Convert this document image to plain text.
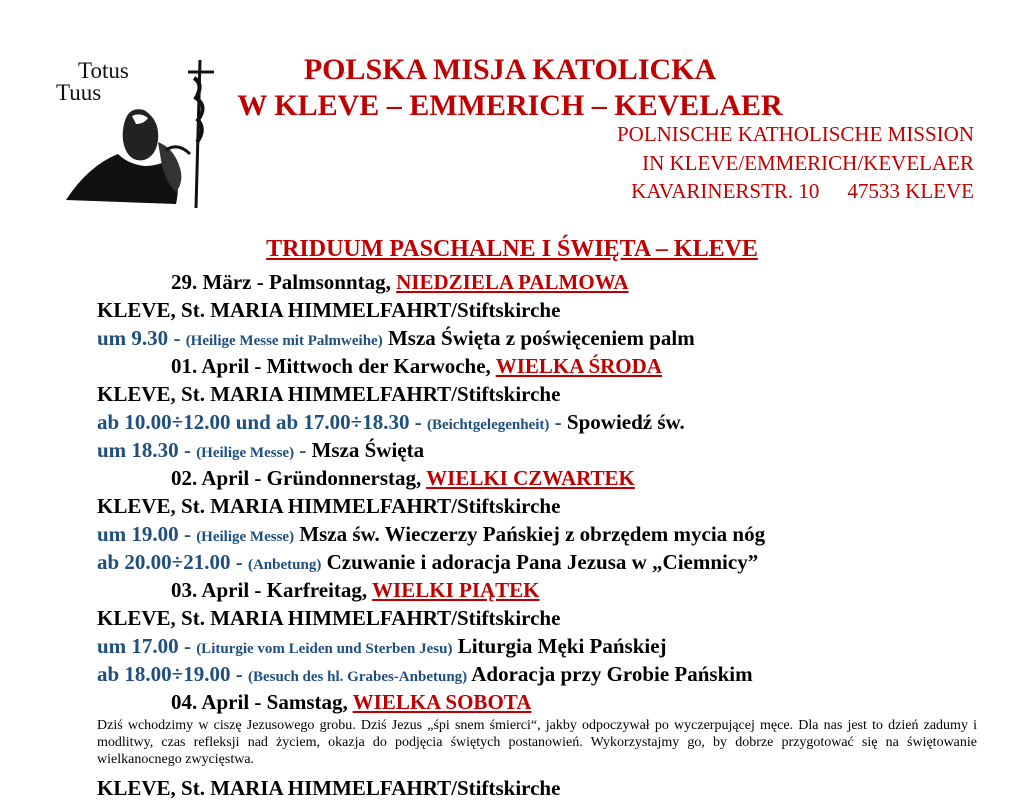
Totus
Tuus
POLSKA MISJA KATOLICKA
W KLEVE – EMMERICH – KEVELAER
POLNISCHE KATHOLISCHE MISSION
IN KLEVE/EMMERICH/KEVELAER
KAVARINERSTR. 10 47533 KLEVE
TRIDUUM PASCHALNE I ŚWIĘTA – KLEVE
29. März - Palmsonntag, NIEDZIELA PALMOWA
KLEVE, St. MARIA HIMMELFAHRT/Stiftskirche
um 9.30 - (Heilige Messe mit Palmweihe) Msza Święta z poświęceniem palm
01. April - Mittwoch der Karwoche, WIELKA ŚRODA
KLEVE, St. MARIA HIMMELFAHRT/Stiftskirche
ab 10.00÷12.00 und ab 17.00÷18.30 - (Beichtgelegenheit) - Spowiedź św.
um 18.30 - (Heilige Messe) - Msza Święta
02. April - Gründonnerstag, WIELKI CZWARTEK
KLEVE, St. MARIA HIMMELFAHRT/Stiftskirche
um 19.00 - (Heilige Messe) Msza św. Wieczerzy Pańskiej z obrzędem mycia nóg
ab 20.00÷21.00 - (Anbetung) Czuwanie i adoracja Pana Jezusa w „Ciemnicy”
03. April - Karfreitag, WIELKI PIĄTEK
KLEVE, St. MARIA HIMMELFAHRT/Stiftskirche
um 17.00 - (Liturgie vom Leiden und Sterben Jesu) Liturgia Męki Pańskiej
ab 18.00÷19.00 - (Besuch des hl. Grabes-Anbetung) Adoracja przy Grobie Pańskim
04. April - Samstag, WIELKA SOBOTA
Dziś wchodzimy w ciszę Jezusowego grobu. Dziś Jezus „śpi snem śmierci“, jakby odpoczywał po wyczerpującej męce. Dla nas jest to dzień zadumy i modlitwy, czas refleksji nad życiem, okazja do podjęcia świętych postanowień. Wykorzystajmy go, by dobrze przygotować się na świętowanie wielkanocnego zwycięstwa.
KLEVE, St. MARIA HIMMELFAHRT/Stiftskirche
